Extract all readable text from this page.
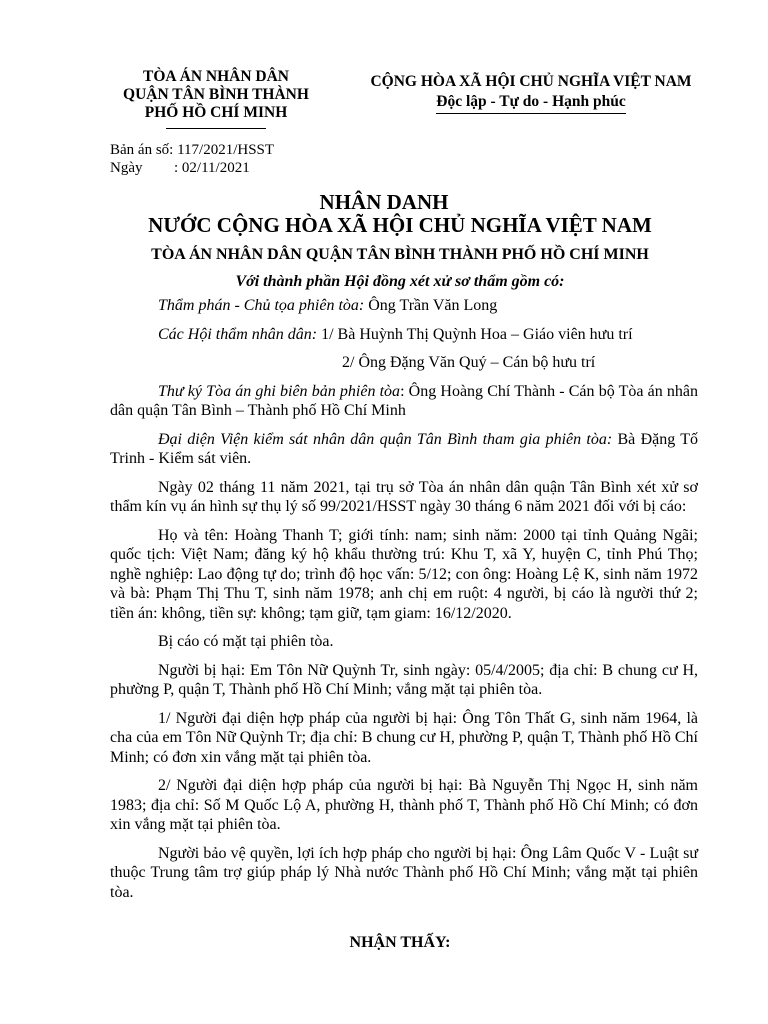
TÒA ÁN NHÂN DÂN
QUẬN TÂN BÌNH THÀNH
PHỐ HỒ CHÍ MINH
CỘNG HÒA XÃ HỘI CHỦ NGHĨA VIỆT NAM
Độc lập - Tự do - Hạnh phúc
Bản án số: 117/2021/HSST
Ngày : 02/11/2021
NHÂN DANH
NƯỚC CỘNG HÒA XÃ HỘI CHỦ NGHĨA VIỆT NAM
TÒA ÁN NHÂN DÂN QUẬN TÂN BÌNH THÀNH PHỐ HỒ CHÍ MINH
Với thành phần Hội đồng xét xử sơ thẩm gồm có:

Thẩm phán - Chủ tọa phiên tòa: Ông Trần Văn Long

Các Hội thẩm nhân dân: 1/ Bà Huỳnh Thị Quỳnh Hoa – Giáo viên hưu trí

2/ Ông Đặng Văn Quý – Cán bộ hưu trí

Thư ký Tòa án ghi biên bản phiên tòa: Ông Hoàng Chí Thành - Cán bộ Tòa án nhân dân quận Tân Bình – Thành phố Hồ Chí Minh

Đại diện Viện kiểm sát nhân dân quận Tân Bình tham gia phiên tòa: Bà Đặng Tố Trinh - Kiểm sát viên.

Ngày 02 tháng 11 năm 2021, tại trụ sở Tòa án nhân dân quận Tân Bình xét xử sơ thẩm kín vụ án hình sự thụ lý số 99/2021/HSST ngày 30 tháng 6 năm 2021 đối với bị cáo:

Họ và tên: Hoàng Thanh T; giới tính: nam; sinh năm: 2000 tại tỉnh Quảng Ngãi; quốc tịch: Việt Nam; đăng ký hộ khẩu thường trú: Khu T, xã Y, huyện C, tỉnh Phú Thọ; nghề nghiệp: Lao động tự do; trình độ học vấn: 5/12; con ông: Hoàng Lệ K, sinh năm 1972 và bà: Phạm Thị Thu T, sinh năm 1978; anh chị em ruột: 4 người, bị cáo là người thứ 2; tiền án: không, tiền sự: không; tạm giữ, tạm giam: 16/12/2020.

Bị cáo có mặt tại phiên tòa.

Người bị hại: Em Tôn Nữ Quỳnh Tr, sinh ngày: 05/4/2005; địa chỉ: B chung cư H, phường P, quận T, Thành phố Hồ Chí Minh; vắng mặt tại phiên tòa.

1/ Người đại diện hợp pháp của người bị hại: Ông Tôn Thất G, sinh năm 1964, là cha của em Tôn Nữ Quỳnh Tr; địa chỉ: B chung cư H, phường P, quận T, Thành phố Hồ Chí Minh; có đơn xin vắng mặt tại phiên tòa.

2/ Người đại diện hợp pháp của người bị hại: Bà Nguyễn Thị Ngọc H, sinh năm 1983; địa chỉ: Số M Quốc Lộ A, phường H, thành phố T, Thành phố Hồ Chí Minh; có đơn xin vắng mặt tại phiên tòa.

Người bảo vệ quyền, lợi ích hợp pháp cho người bị hại: Ông Lâm Quốc V - Luật sư thuộc Trung tâm trợ giúp pháp lý Nhà nước Thành phố Hồ Chí Minh; vắng mặt tại phiên tòa.

NHẬN THẤY:
